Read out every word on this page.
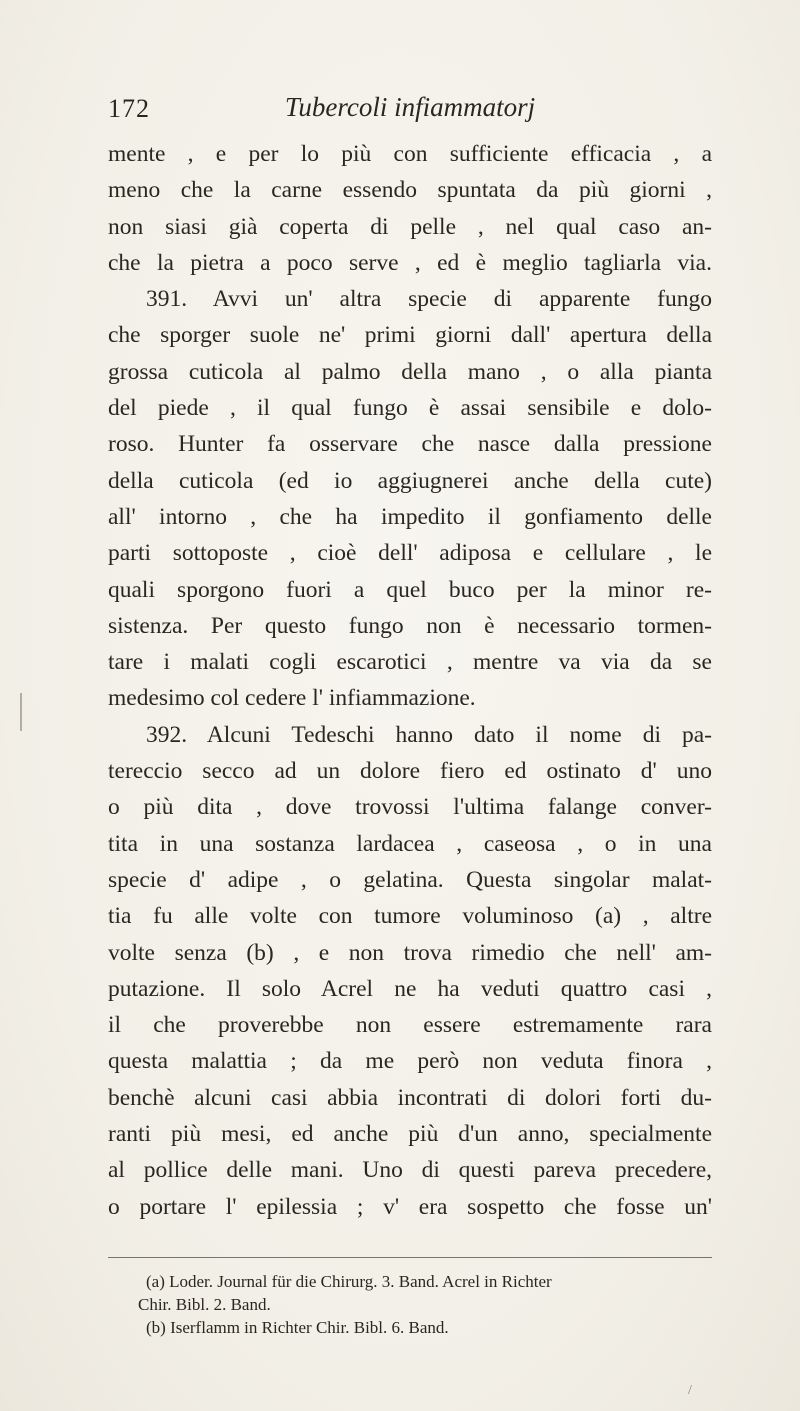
172	Tubercoli infiammatorj
mente , e per lo più con sufficiente efficacia , a
meno che la carne essendo spuntata da più giorni ,
non siasi già coperta di pelle , nel qual caso an-
che la pietra a poco serve , ed è meglio tagliarla via.
391. Avvi un' altra specie di apparente fungo
che sporger suole ne' primi giorni dall' apertura della
grossa cuticola al palmo della mano , o alla pianta
del piede , il qual fungo è assai sensibile e dolo-
roso. Hunter fa osservare che nasce dalla pressione
della cuticola (ed io aggiugnerei anche della cute)
all' intorno , che ha impedito il gonfiamento delle
parti sottoposte , cioè dell' adiposa e cellulare , le
quali sporgono fuori a quel buco per la minor re-
sistenza. Per questo fungo non è necessario tormen-
tare i malati cogli escarotici , mentre va via da se
medesimo col cedere l' infiammazione.
392. Alcuni Tedeschi hanno dato il nome di pa-
tereccio secco ad un dolore fiero ed ostinato d' uno
o più dita , dove trovossi l'ultima falange conver-
tita in una sostanza lardacea , caseosa , o in una
specie d' adipe , o gelatina. Questa singolar malat-
tia fu alle volte con tumore voluminoso (a) , altre
volte senza (b) , e non trova rimedio che nell' am-
putazione. Il solo Acrel ne ha veduti quattro casi ,
il che proverebbe non essere estremamente rara
questa malattia ; da me però non veduta finora ,
benchè alcuni casi abbia incontrati di dolori forti du-
ranti più mesi, ed anche più d'un anno, specialmente
al pollice delle mani. Uno di questi pareva precedere,
o portare l' epilessia ; v' era sospetto che fosse un'
(a) Loder. Journal für die Chirurg. 3. Band. Acrel in Richter
Chir. Bibl. 2. Band.
(b) Iserflamm in Richter Chir. Bibl. 6. Band.
/
